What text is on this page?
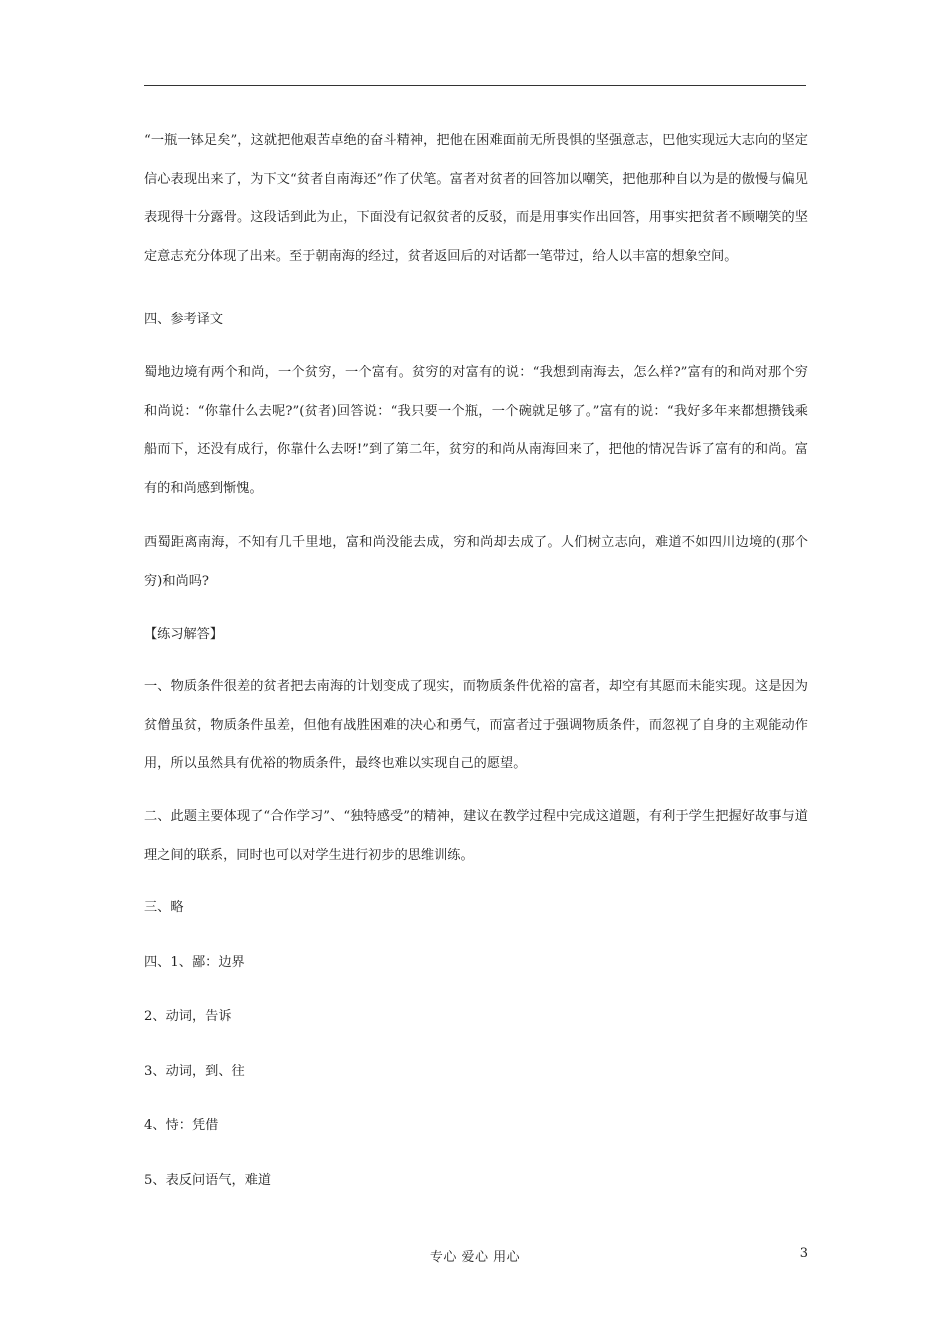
“一瓶一钵足矣”，这就把他艰苦卓绝的奋斗精神，把他在困难面前无所畏惧的坚强意志，巴他实现远大志向的坚定信心表现出来了，为下文“贫者自南海还”作了伏笔。富者对贫者的回答加以嘲笑，把他那种自以为是的傲慢与偏见表现得十分露骨。这段话到此为止，下面没有记叙贫者的反驳，而是用事实作出回答，用事实把贫者不顾嘲笑的坚定意志充分体现了出来。至于朝南海的经过，贫者返回后的对话都一笔带过，给人以丰富的想象空间。

四、参考译文

蜀地边境有两个和尚，一个贫穷，一个富有。贫穷的对富有的说：“我想到南海去，怎么样?”富有的和尚对那个穷和尚说：“你靠什么去呢?”(贫者)回答说：“我只要一个瓶，一个碗就足够了。”富有的说：“我好多年来都想攒钱乘船而下，还没有成行，你靠什么去呀!”到了第二年，贫穷的和尚从南海回来了，把他的情况告诉了富有的和尚。富有的和尚感到惭愧。

西蜀距离南海，不知有几千里地，富和尚没能去成，穷和尚却去成了。人们树立志向，难道不如四川边境的(那个穷)和尚吗?

【练习解答】

一、物质条件很差的贫者把去南海的计划变成了现实，而物质条件优裕的富者，却空有其愿而未能实现。这是因为贫僧虽贫，物质条件虽差，但他有战胜困难的决心和勇气，而富者过于强调物质条件，而忽视了自身的主观能动作用，所以虽然具有优裕的物质条件，最终也难以实现自己的愿望。

二、此题主要体现了“合作学习”、“独特感受”的精神，建议在教学过程中完成这道题，有利于学生把握好故事与道理之间的联系，同时也可以对学生进行初步的思维训练。

三、略

四、1、鄙：边界

2、动词，告诉

3、动词，到、往

4、恃：凭借

5、表反问语气，难道

专心 爱心 用心	3
